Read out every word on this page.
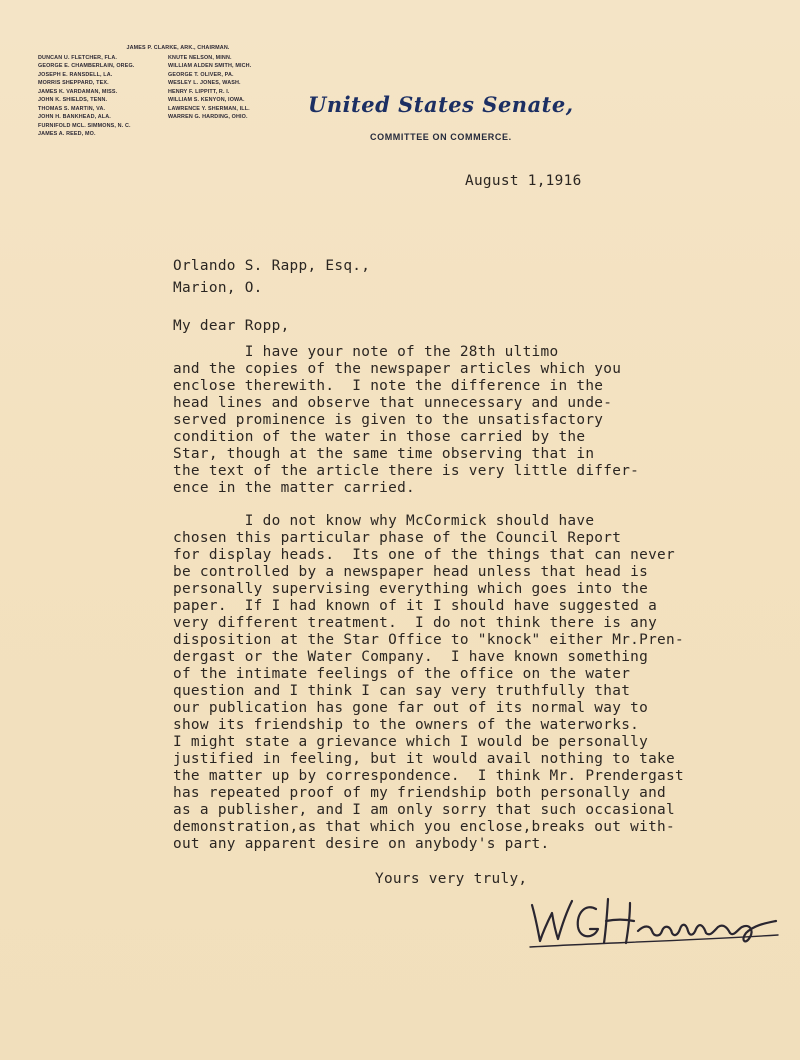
JAMES P. CLARKE, ARK., CHAIRMAN.
DUNCAN U. FLETCHER, FLA.
GEORGE E. CHAMBERLAIN, OREG.
JOSEPH E. RANSDELL, LA.
MORRIS SHEPPARD, TEX.
JAMES K. VARDAMAN, MISS.
JOHN K. SHIELDS, TENN.
THOMAS S. MARTIN, VA.
JOHN H. BANKHEAD, ALA.
FURNIFOLD MCL. SIMMONS, N. C.
JAMES A. REED, MO.
KNUTE NELSON, MINN.
WILLIAM ALDEN SMITH, MICH.
GEORGE T. OLIVER, PA.
WESLEY L. JONES, WASH.
HENRY F. LIPPITT, R. I.
WILLIAM S. KENYON, IOWA.
LAWRENCE Y. SHERMAN, ILL.
WARREN G. HARDING, OHIO.	United States Senate,
COMMITTEE ON COMMERCE.
August 1,1916
Orlando S. Rapp, Esq.,
Marion, O.
My dear Ropp,
I have your note of the 28th ultimo
and the copies of the newspaper articles which you
enclose therewith.  I note the difference in the
head lines and observe that unnecessary and unde-
served prominence is given to the unsatisfactory
condition of the water in those carried by the
Star, though at the same time observing that in
the text of the article there is very little differ-
ence in the matter carried.
I do not know why McCormick should have
chosen this particular phase of the Council Report
for display heads.  Its one of the things that can never
be controlled by a newspaper head unless that head is
personally supervising everything which goes into the
paper.  If I had known of it I should have suggested a
very different treatment.  I do not think there is any
disposition at the Star Office to "knock" either Mr.Pren-
dergast or the Water Company.  I have known something
of the intimate feelings of the office on the water
question and I think I can say very truthfully that
our publication has gone far out of its normal way to
show its friendship to the owners of the waterworks.
I might state a grievance which I would be personally
justified in feeling, but it would avail nothing to take
the matter up by correspondence.  I think Mr. Prendergast
has repeated proof of my friendship both personally and
as a publisher, and I am only sorry that such occasional
demonstration,as that which you enclose,breaks out with-
out any apparent desire on anybody's part.
Yours very truly,
